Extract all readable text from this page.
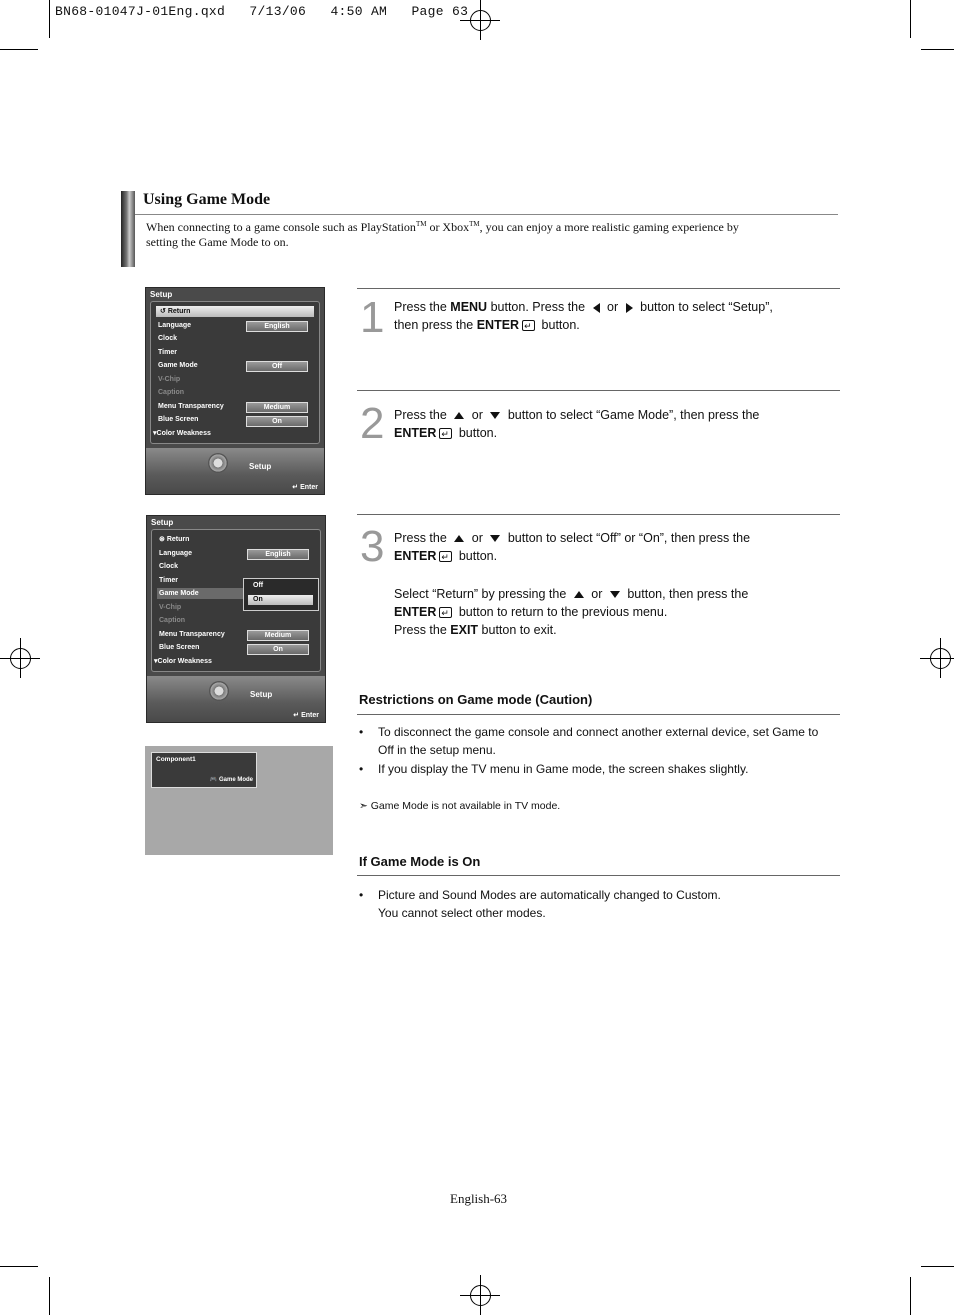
BN68-01047J-01Eng.qxd   7/13/06   4:50 AM   Page 63
Using Game Mode
When connecting to a game console such as PlayStation™ or Xbox™, you can enjoy a more realistic gaming experience by
setting the Game Mode to on.
Setup
↺ Return
Language
Clock
Timer
Game Mode
V-Chip
Caption
Menu Transparency
Blue Screen
▾Color Weakness
English
Off
Medium
On
Setup
↵ Enter
Setup
⊛ Return
Language
Clock
Timer
Game Mode
V-Chip
Caption
Menu Transparency
Blue Screen
▾Color Weakness
English
Medium
On
Off
On
Setup
↵ Enter
Component1
🎮 Game Mode
1 Press the MENU button. Press the  or  button to select “Setup”,
then press the ENTER↵ button.
2 Press the  or  button to select “Game Mode”, then press the
ENTER↵ button.
3 Press the  or  button to select “Off” or “On”, then press the
ENTER↵ button.

Select “Return” by pressing the  or  button, then press the
ENTER↵ button to return to the previous menu.
Press the EXIT button to exit.
Restrictions on Game mode (Caution)
• To disconnect the game console and connect another external device, set Game to Off in the setup menu.
• If you display the TV menu in Game mode, the screen shakes slightly.
➣ Game Mode is not available in TV mode.
If Game Mode is On
• Picture and Sound Modes are automatically changed to Custom.
You cannot select other modes.
English-63
